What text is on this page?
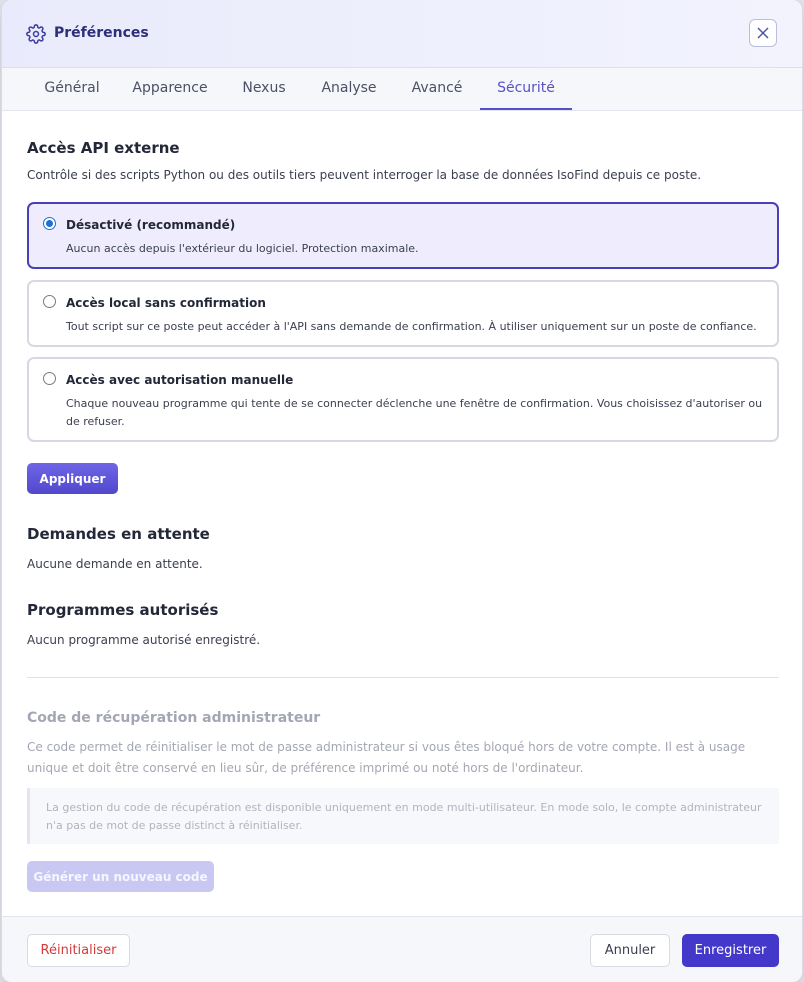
Préférences
Général	Apparence	Nexus	Analyse	Avancé	Sécurité
Accès API externe
Contrôle si des scripts Python ou des outils tiers peuvent interroger la base de données IsoFind depuis ce poste.
Désactivé (recommandé)
Aucun accès depuis l'extérieur du logiciel. Protection maximale.
Accès local sans confirmation
Tout script sur ce poste peut accéder à l'API sans demande de confirmation. À utiliser uniquement sur un poste de confiance.
Accès avec autorisation manuelle
Chaque nouveau programme qui tente de se connecter déclenche une fenêtre de confirmation. Vous choisissez d'autoriser ou de refuser.
Appliquer
Demandes en attente
Aucune demande en attente.
Programmes autorisés
Aucun programme autorisé enregistré.
Code de récupération administrateur
Ce code permet de réinitialiser le mot de passe administrateur si vous êtes bloqué hors de votre compte. Il est à usage unique et doit être conservé en lieu sûr, de préférence imprimé ou noté hors de l'ordinateur.
La gestion du code de récupération est disponible uniquement en mode multi-utilisateur. En mode solo, le compte administrateur n'a pas de mot de passe distinct à réinitialiser.
Générer un nouveau code
Réinitialiser	Annuler	Enregistrer
